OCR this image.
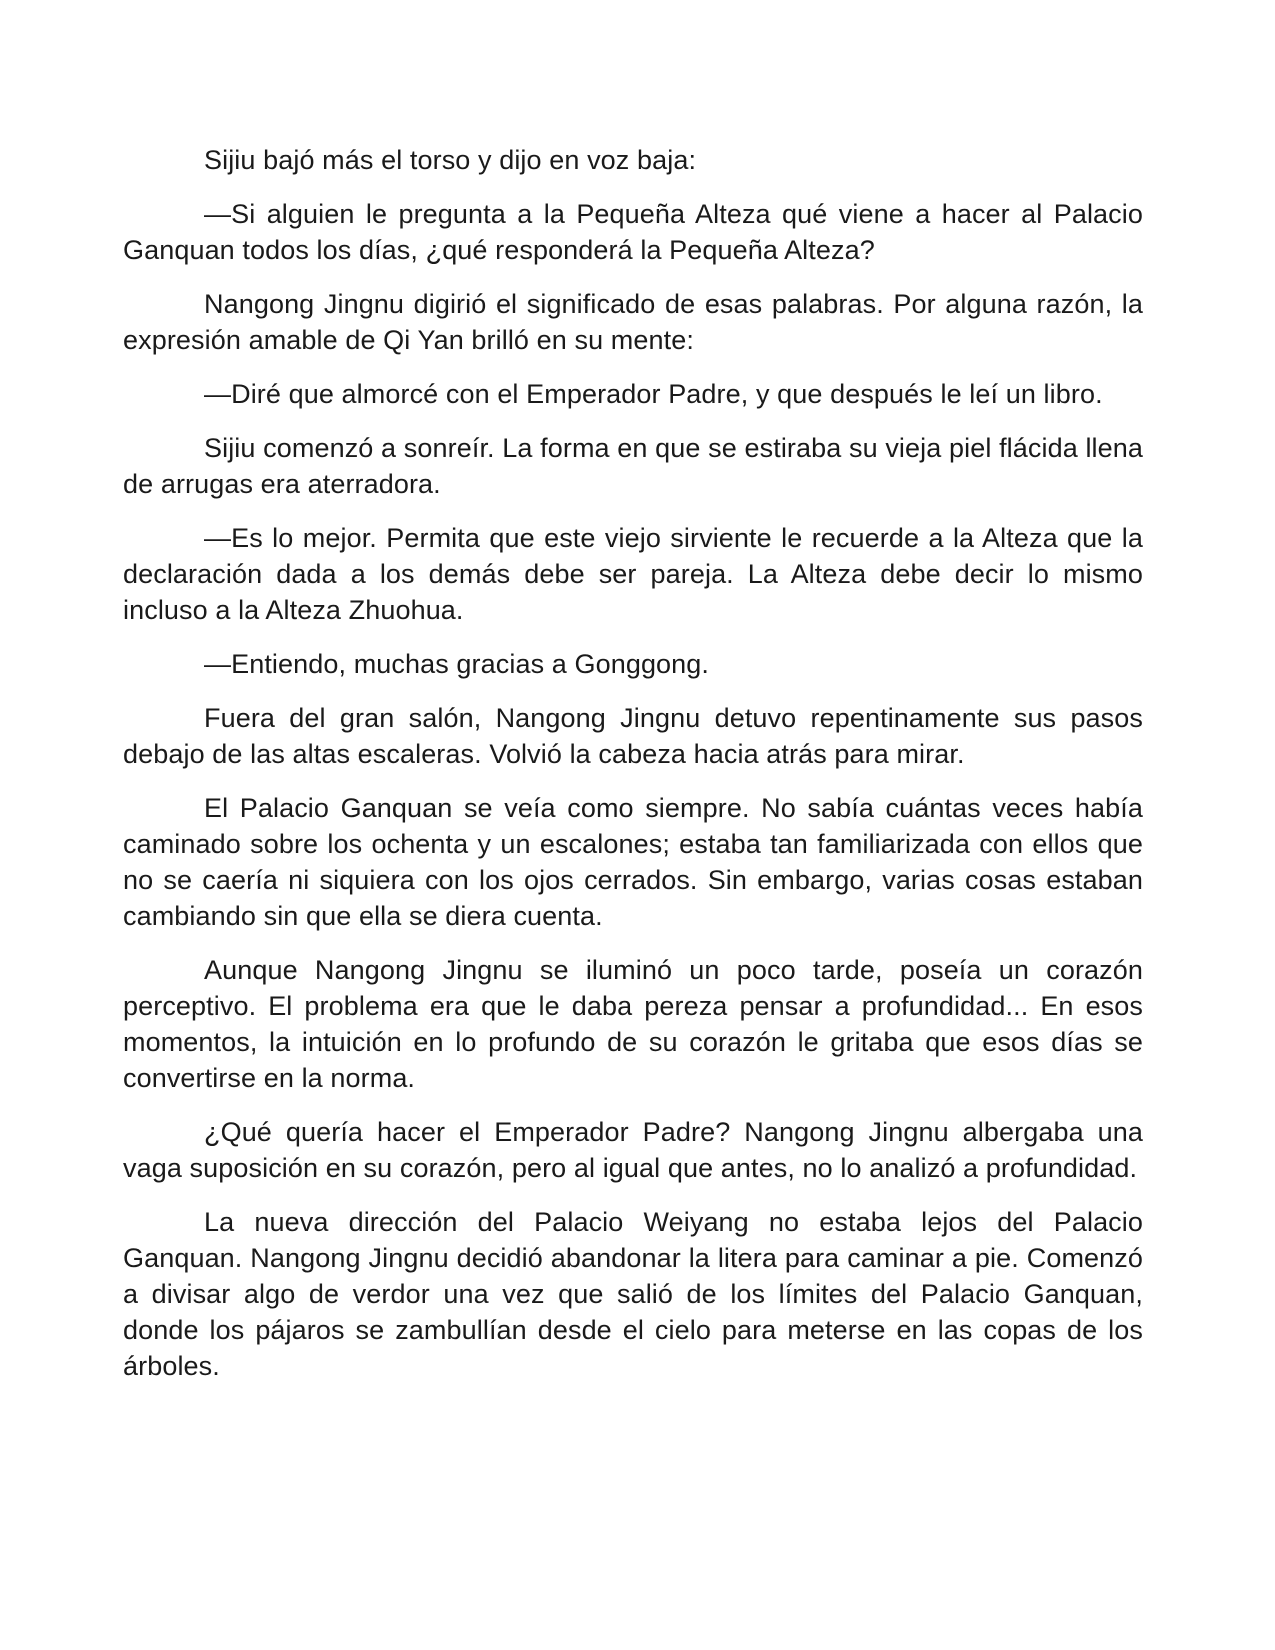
Sijiu bajó más el torso y dijo en voz baja:

—Si alguien le pregunta a la Pequeña Alteza qué viene a hacer al Palacio Ganquan todos los días, ¿qué responderá la Pequeña Alteza?

Nangong Jingnu digirió el significado de esas palabras. Por alguna razón, la expresión amable de Qi Yan brilló en su mente:

—Diré que almorcé con el Emperador Padre, y que después le leí un libro.

Sijiu comenzó a sonreír. La forma en que se estiraba su vieja piel flácida llena de arrugas era aterradora.

—Es lo mejor. Permita que este viejo sirviente le recuerde a la Alteza que la declaración dada a los demás debe ser pareja. La Alteza debe decir lo mismo incluso a la Alteza Zhuohua.

—Entiendo, muchas gracias a Gonggong.

Fuera del gran salón, Nangong Jingnu detuvo repentinamente sus pasos debajo de las altas escaleras. Volvió la cabeza hacia atrás para mirar.

El Palacio Ganquan se veía como siempre. No sabía cuántas veces había caminado sobre los ochenta y un escalones; estaba tan familiarizada con ellos que no se caería ni siquiera con los ojos cerrados. Sin embargo, varias cosas estaban cambiando sin que ella se diera cuenta.

Aunque Nangong Jingnu se iluminó un poco tarde, poseía un corazón perceptivo. El problema era que le daba pereza pensar a profundidad... En esos momentos, la intuición en lo profundo de su corazón le gritaba que esos días se convertirse en la norma.

¿Qué quería hacer el Emperador Padre? Nangong Jingnu albergaba una vaga suposición en su corazón, pero al igual que antes, no lo analizó a profundidad.

La nueva dirección del Palacio Weiyang no estaba lejos del Palacio Ganquan. Nangong Jingnu decidió abandonar la litera para caminar a pie. Comenzó a divisar algo de verdor una vez que salió de los límites del Palacio Ganquan, donde los pájaros se zambullían desde el cielo para meterse en las copas de los árboles.
